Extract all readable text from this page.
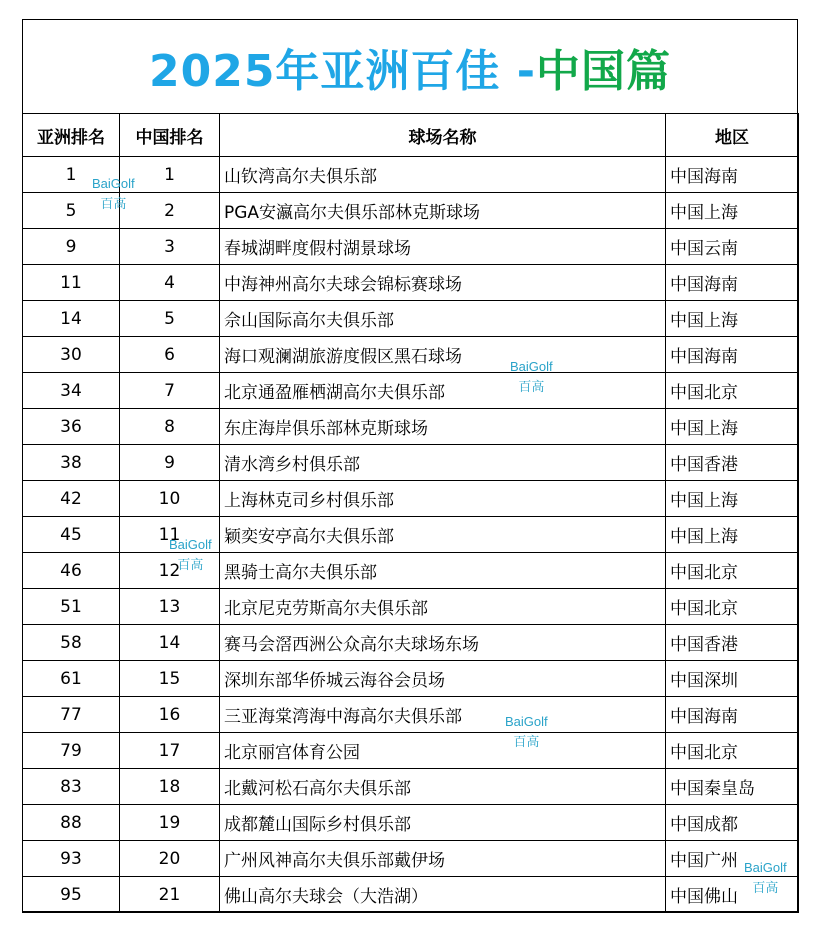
2025年亚洲百佳 - 中国篇
亚洲排名	中国排名	球场名称	地区
1	1	山钦湾高尔夫俱乐部	中国海南
5	2	PGA安瀛高尔夫俱乐部林克斯球场	中国上海
9	3	春城湖畔度假村湖景球场	中国云南
11	4	中海神州高尔夫球会锦标赛球场	中国海南
14	5	佘山国际高尔夫俱乐部	中国上海
30	6	海口观澜湖旅游度假区黑石球场	中国海南
34	7	北京通盈雁栖湖高尔夫俱乐部	中国北京
36	8	东庄海岸俱乐部林克斯球场	中国上海
38	9	清水湾乡村俱乐部	中国香港
42	10	上海林克司乡村俱乐部	中国上海
45	11	颖奕安亭高尔夫俱乐部	中国上海
46	12	黑骑士高尔夫俱乐部	中国北京
51	13	北京尼克劳斯高尔夫俱乐部	中国北京
58	14	赛马会滘西洲公众高尔夫球场东场	中国香港
61	15	深圳东部华侨城云海谷会员场	中国深圳
77	16	三亚海棠湾海中海高尔夫俱乐部	中国海南
79	17	北京丽宫体育公园	中国北京
83	18	北戴河松石高尔夫俱乐部	中国秦皇岛
88	19	成都麓山国际乡村俱乐部	中国成都
93	20	广州风神高尔夫俱乐部戴伊场	中国广州
95	21	佛山高尔夫球会（大浩湖）	中国佛山
BaiGolf
百高
BaiGolf
百高
BaiGolf
百高
BaiGolf
百高
BaiGolf
百高
